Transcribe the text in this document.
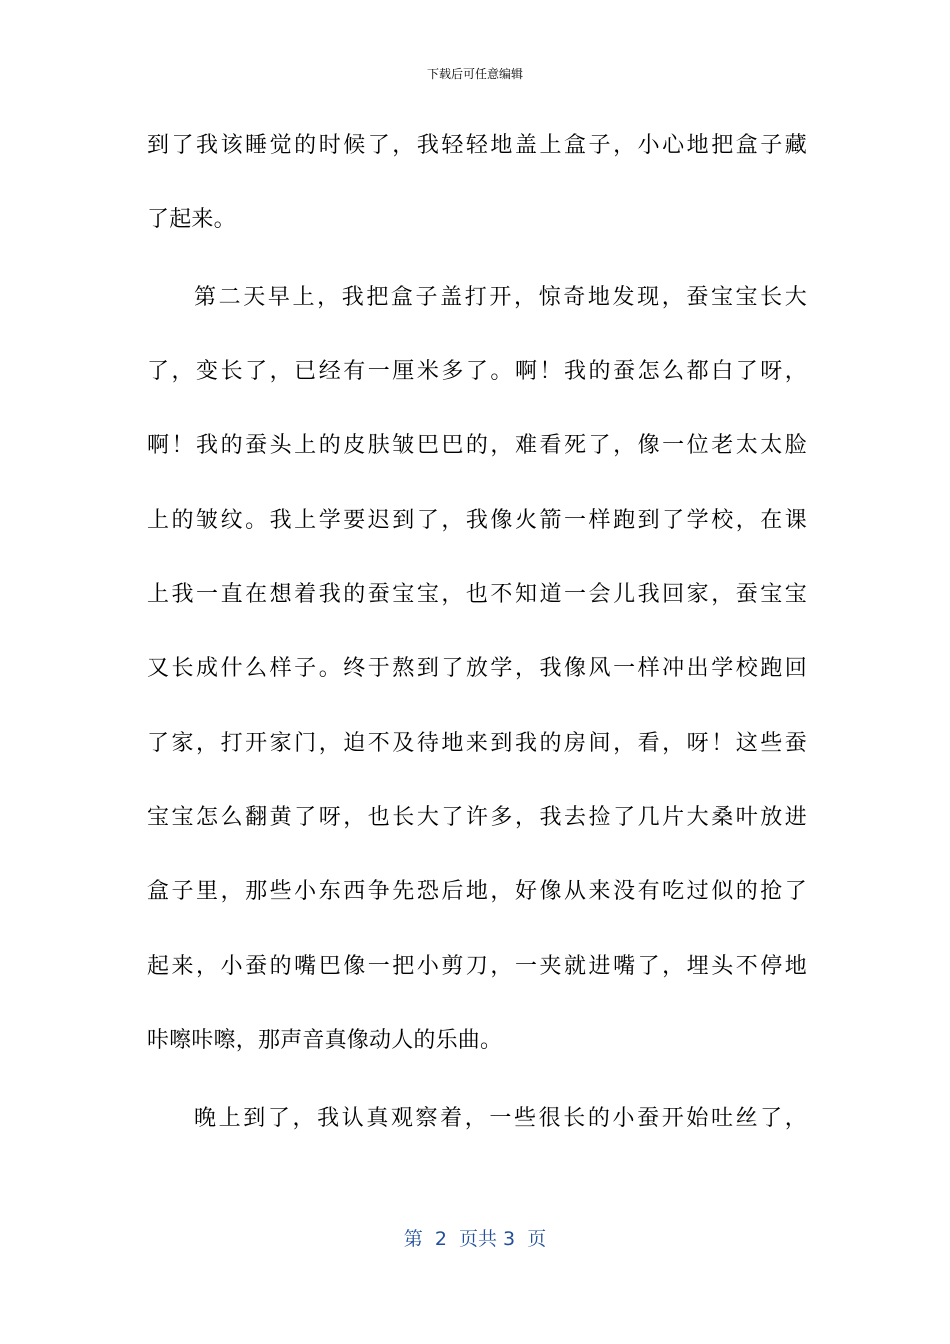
下载后可任意编辑
到了我该睡觉的时候了，我轻轻地盖上盒子，小心地把盒子藏
了起来。
第二天早上，我把盒子盖打开，惊奇地发现，蚕宝宝长大
了，变长了，已经有一厘米多了。啊！我的蚕怎么都白了呀，
啊！我的蚕头上的皮肤皱巴巴的，难看死了，像一位老太太脸
上的皱纹。我上学要迟到了，我像火箭一样跑到了学校，在课
上我一直在想着我的蚕宝宝，也不知道一会儿我回家，蚕宝宝
又长成什么样子。终于熬到了放学，我像风一样冲出学校跑回
了家，打开家门，迫不及待地来到我的房间，看，呀！这些蚕
宝宝怎么翻黄了呀，也长大了许多，我去捡了几片大桑叶放进
盒子里，那些小东西争先恐后地，好像从来没有吃过似的抢了
起来，小蚕的嘴巴像一把小剪刀，一夹就进嘴了，埋头不停地
咔嚓咔嚓，那声音真像动人的乐曲。
晚上到了，我认真观察着，一些很长的小蚕开始吐丝了，
第  2  页共 3  页
